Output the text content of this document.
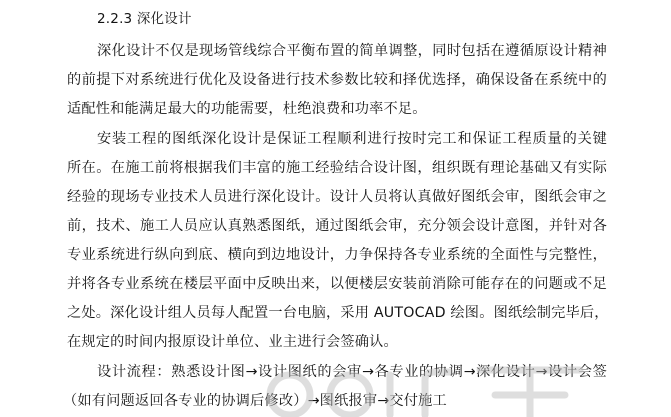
2.2.3 深化设计
深化设计不仅是现场管线综合平衡布置的简单调整，同时包括在遵循原设计精神
的前提下对系统进行优化及设备进行技术参数比较和择优选择，确保设备在系统中的
适配性和能满足最大的功能需要，杜绝浪费和功率不足。
安装工程的图纸深化设计是保证工程顺利进行按时完工和保证工程质量的关键
所在。在施工前将根据我们丰富的施工经验结合设计图，组织既有理论基础又有实际
经验的现场专业技术人员进行深化设计。设计人员将认真做好图纸会审，图纸会审之
前，技术、施工人员应认真熟悉图纸，通过图纸会审，充分领会设计意图，并针对各
专业系统进行纵向到底、横向到边地设计，力争保持各专业系统的全面性与完整性，
并将各专业系统在楼层平面中反映出来，以便楼层安装前消除可能存在的问题或不足
之处。深化设计组人员每人配置一台电脑，采用 AUTOCAD 绘图。图纸绘制完毕后，
在规定的时间内报原设计单位、业主进行会签确认。
设计流程：熟悉设计图→设计图纸的会审→各专业的协调→深化设计→设计会签
（如有问题返回各专业的协调后修改）→图纸报审→交付施工
